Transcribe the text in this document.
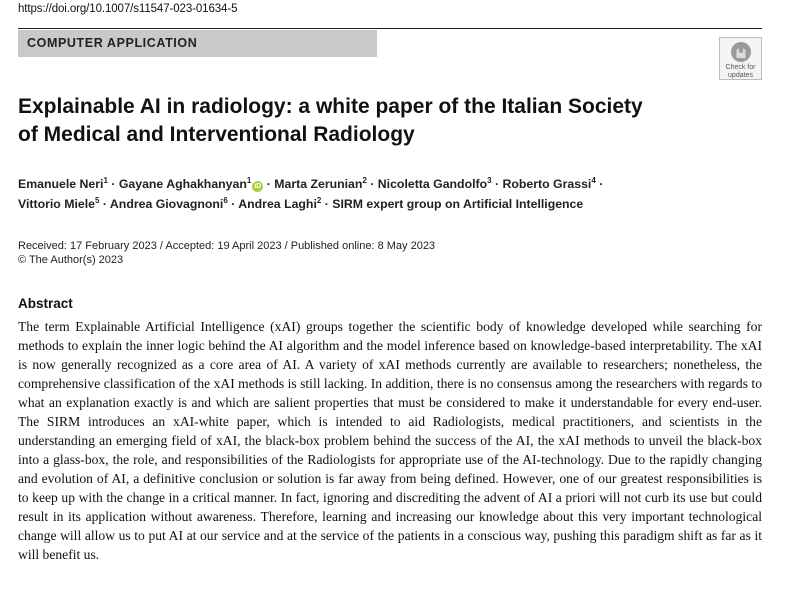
https://doi.org/10.1007/s11547-023-01634-5
COMPUTER APPLICATION
Check for
updates
Explainable AI in radiology: a white paper of the Italian Society
of Medical and Interventional Radiology
Emanuele Neri$^1$ · Gayane Aghakhanyan$^1$iD · Marta Zerunian$^2$ · Nicoletta Gandolfo$^3$ · Roberto Grassi$^4$ ·
Vittorio Miele$^5$ · Andrea Giovagnoni$^6$ · Andrea Laghi$^2$ · SIRM expert group on Artificial Intelligence
Received: 17 February 2023 / Accepted: 19 April 2023 / Published online: 8 May 2023
© The Author(s) 2023
Abstract

The term Explainable Artificial Intelligence (xAI) groups together the scientific body of knowledge developed while searching for methods to explain the inner logic behind the AI algorithm and the model inference based on knowledge-based interpretability. The xAI is now generally recognized as a core area of AI. A variety of xAI methods currently are available to researchers; nonetheless, the comprehensive classification of the xAI methods is still lacking. In addition, there is no consensus among the researchers with regards to what an explanation exactly is and which are salient properties that must be considered to make it understandable for every end-user. The SIRM introduces an xAI-white paper, which is intended to aid Radiologists, medical practitioners, and scientists in the understanding an emerging field of xAI, the black-box problem behind the success of the AI, the xAI methods to unveil the black-box into a glass-box, the role, and responsibilities of the Radiologists for appropriate use of the AI-technology. Due to the rapidly changing and evolution of AI, a definitive conclusion or solution is far away from being defined. However, one of our greatest responsibilities is to keep up with the change in a critical manner. In fact, ignoring and discrediting the advent of AI a priori will not curb its use but could result in its application without awareness. Therefore, learning and increasing our knowledge about this very important technological change will allow us to put AI at our service and at the service of the patients in a conscious way, pushing this paradigm shift as far as it will benefit us.
